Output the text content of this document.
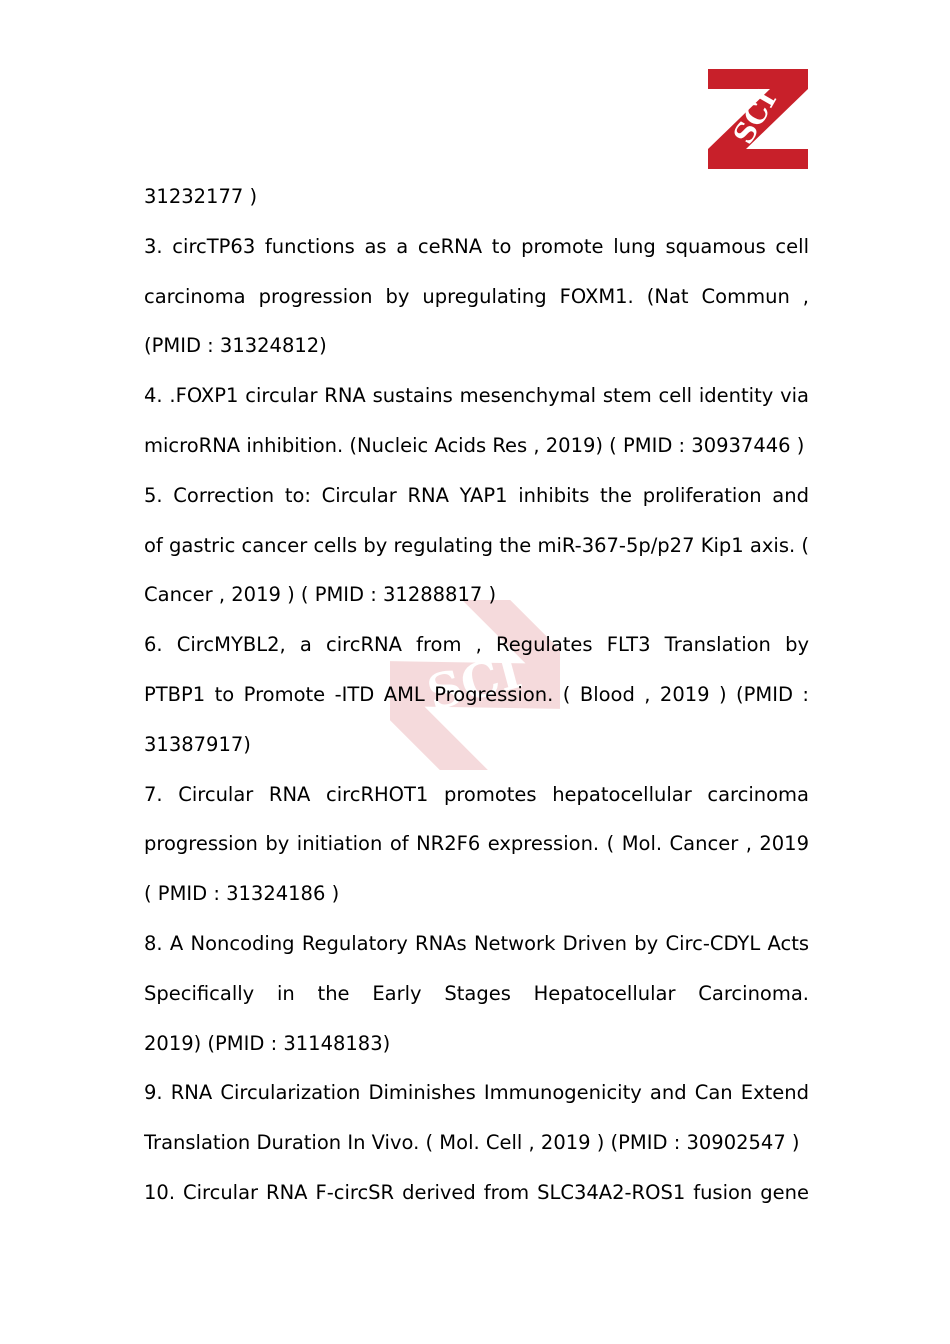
SCI
SCI
31232177 )
3. circTP63 functions as a ceRNA to promote lung squamous cell
carcinoma progression by upregulating FOXM1. (Nat Commun ,
(PMID : 31324812)
4. .FOXP1 circular RNA sustains mesenchymal stem cell identity via
microRNA inhibition. (Nucleic Acids Res , 2019) ( PMID : 30937446 )
5. Correction to: Circular RNA YAP1 inhibits the proliferation and
of gastric cancer cells by regulating the miR-367-5p/p27 Kip1 axis. (
Cancer , 2019 ) ( PMID : 31288817 )
6. CircMYBL2, a circRNA from , Regulates FLT3 Translation by
PTBP1 to Promote -ITD AML Progression. ( Blood , 2019 ) (PMID :
31387917)
7. Circular RNA circRHOT1 promotes hepatocellular carcinoma
progression by initiation of NR2F6 expression. ( Mol. Cancer , 2019
( PMID : 31324186 )
8. A Noncoding Regulatory RNAs Network Driven by Circ-CDYL Acts
Specifically in the Early Stages Hepatocellular Carcinoma.
2019) (PMID : 31148183)
9. RNA Circularization Diminishes Immunogenicity and Can Extend
Translation Duration In Vivo. ( Mol. Cell , 2019 ) (PMID : 30902547 )
10. Circular RNA F-circSR derived from SLC34A2-ROS1 fusion gene
